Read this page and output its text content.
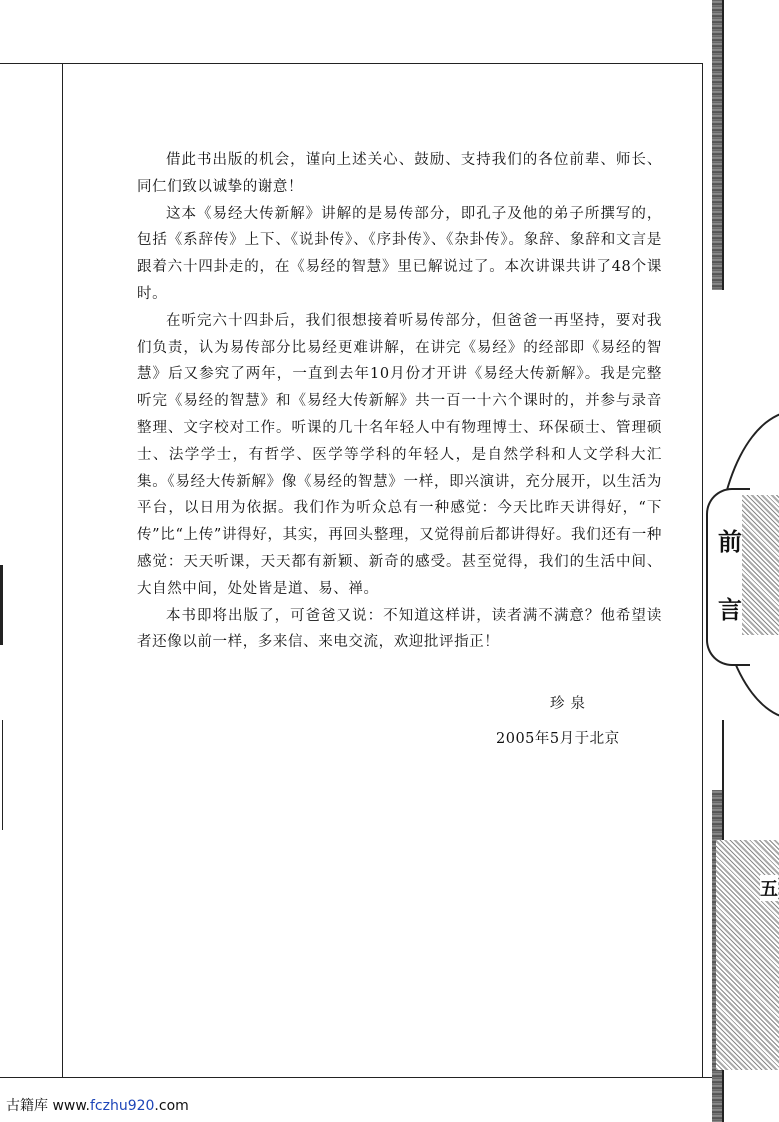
前
言
五

借此书出版的机会，谨向上述关心、鼓励、支持我们的各位前辈、师长、同仁们致以诚挚的谢意！

这本《易经大传新解》讲解的是易传部分，即孔子及他的弟子所撰写的，包括《系辞传》上下、《说卦传》、《序卦传》、《杂卦传》。象辞、象辞和文言是跟着六十四卦走的，在《易经的智慧》里已解说过了。本次讲课共讲了48个课时。

在听完六十四卦后，我们很想接着听易传部分，但爸爸一再坚持，要对我们负责，认为易传部分比易经更难讲解，在讲完《易经》的经部即《易经的智慧》后又参究了两年，一直到去年10月份才开讲《易经大传新解》。我是完整听完《易经的智慧》和《易经大传新解》共一百一十六个课时的，并参与录音整理、文字校对工作。听课的几十名年轻人中有物理博士、环保硕士、管理硕士、法学学士，有哲学、医学等学科的年轻人，是自然学科和人文学科大汇集。《易经大传新解》像《易经的智慧》一样，即兴演讲，充分展开，以生活为平台，以日用为依据。我们作为听众总有一种感觉：今天比昨天讲得好，“下传”比“上传”讲得好，其实，再回头整理，又觉得前后都讲得好。我们还有一种感觉：天天听课，天天都有新颖、新奇的感受。甚至觉得，我们的生活中间、大自然中间，处处皆是道、易、禅。

本书即将出版了，可爸爸又说：不知道这样讲，读者满不满意？他希望读者还像以前一样，多来信、来电交流，欢迎批评指正！

珍泉
2005年5月于北京
古籍库 www.fczhu920.com
